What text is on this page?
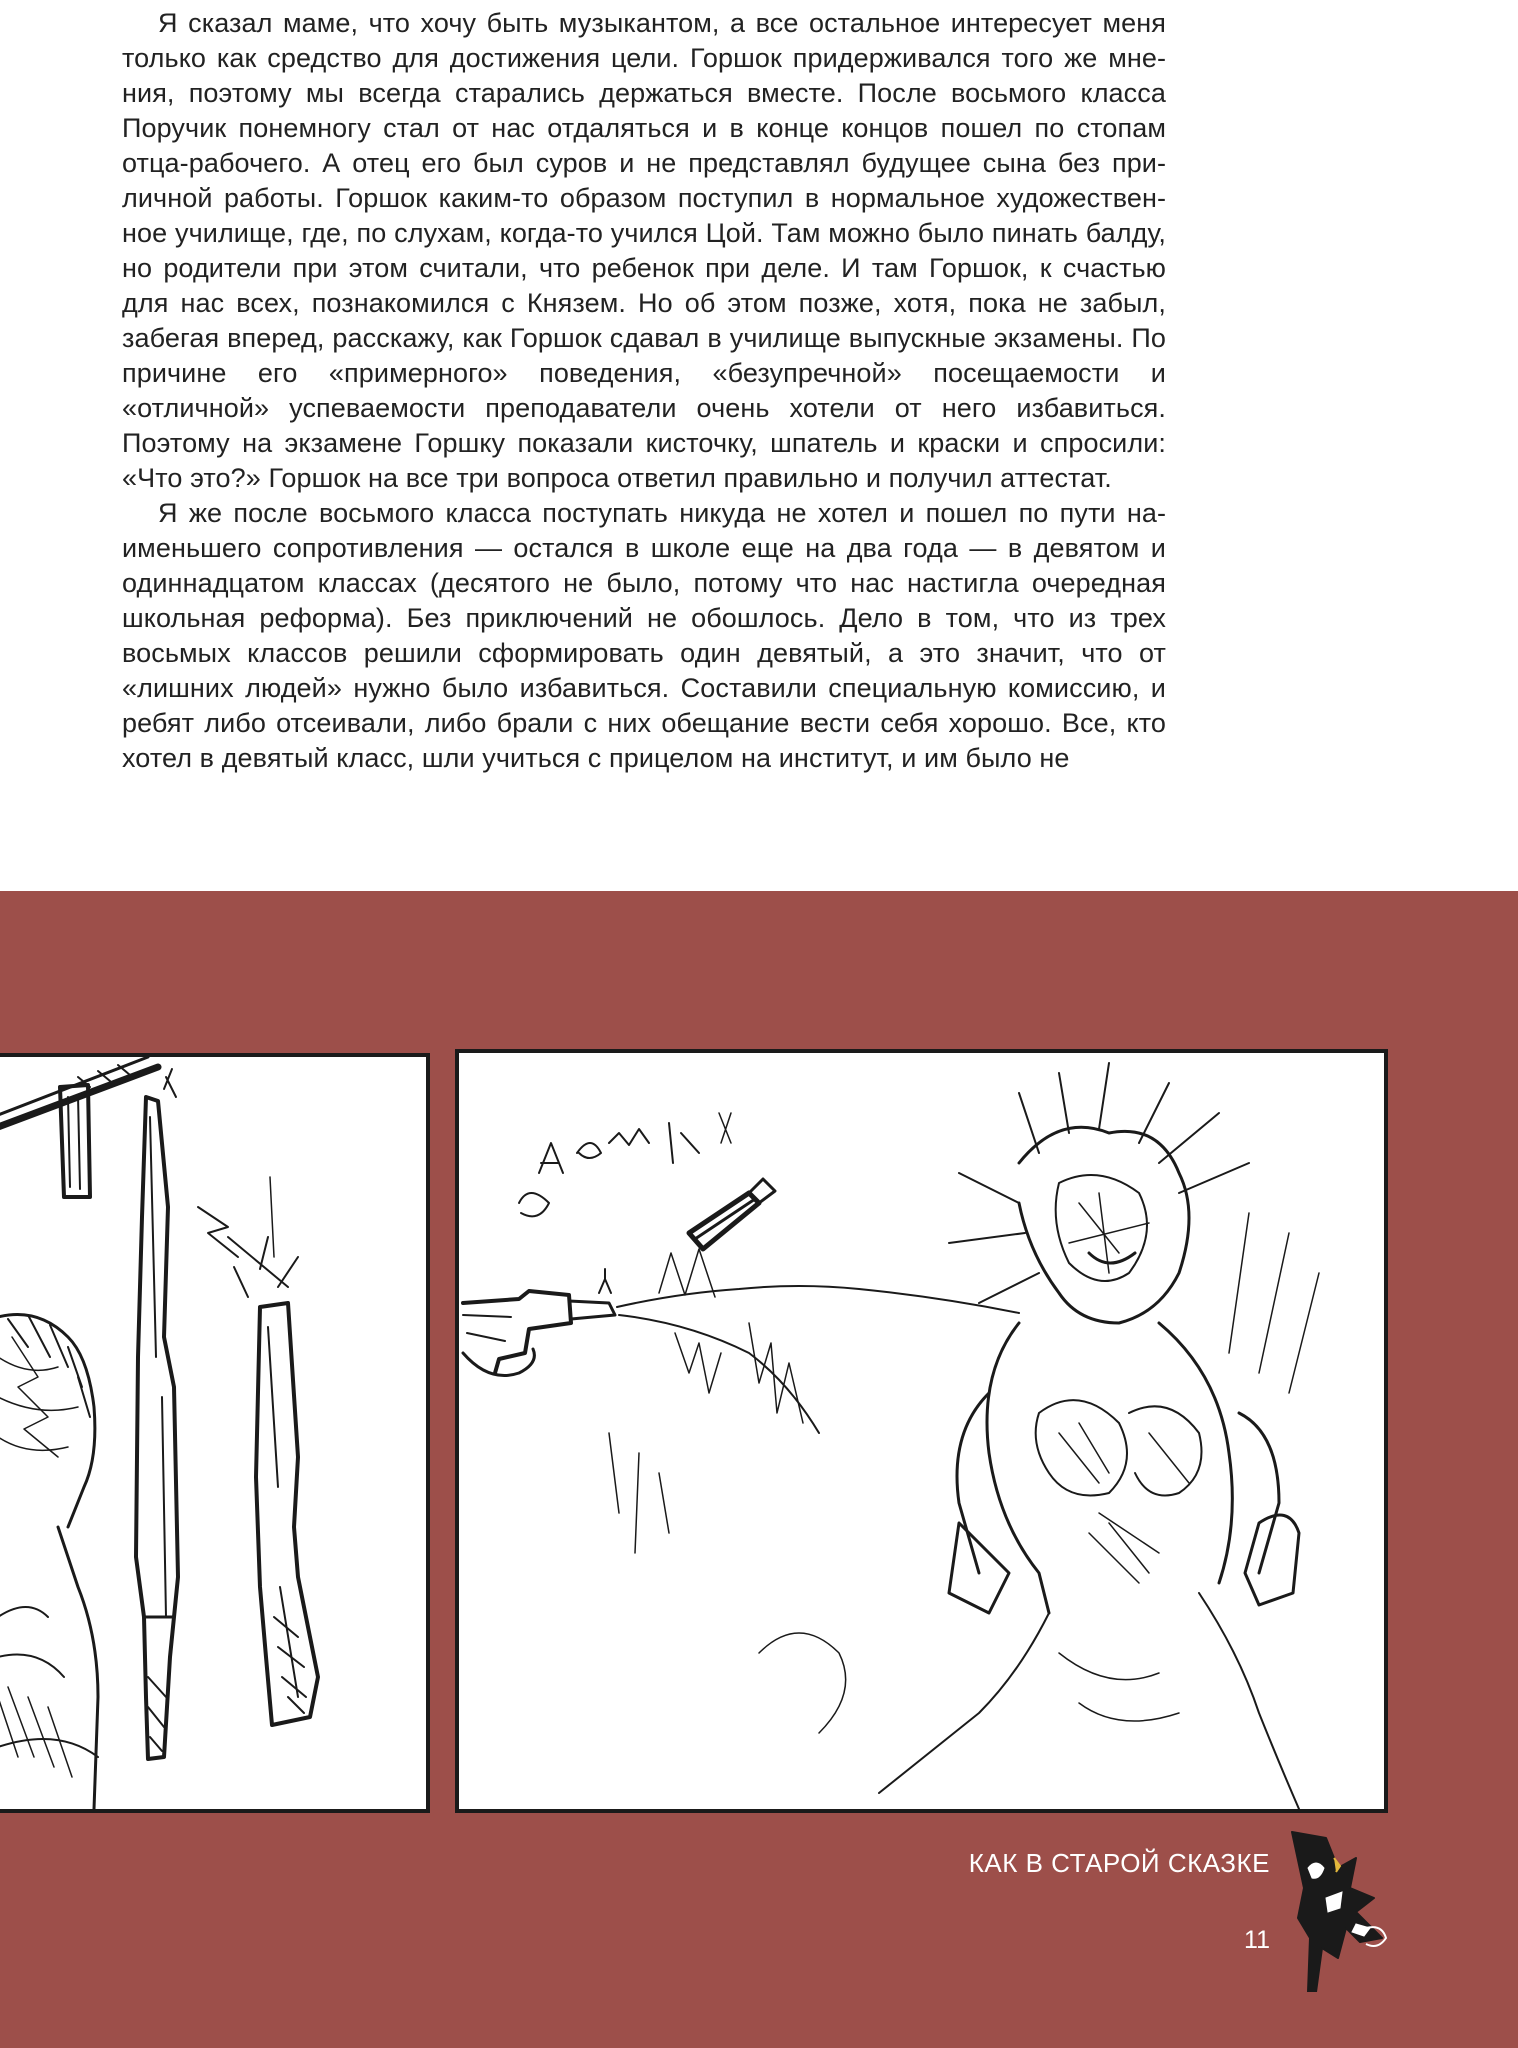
Я сказал маме, что хочу быть музыкантом, а все остальное интересует меня только как средство для достижения цели. Горшок придерживался того же мнения, поэтому мы всегда старались держаться вместе. После восьмого класса Поручик понемногу стал от нас отдаляться и в конце концов пошел по стопам отца-рабочего. А отец его был суров и не представлял будущее сына без приличной работы. Горшок каким-то образом поступил в нормальное художественное училище, где, по слухам, когда-то учился Цой. Там можно было пинать балду, но родители при этом считали, что ребенок при деле. И там Горшок, к счастью для нас всех, познакомился с Князем. Но об этом позже, хотя, пока не забыл, забегая вперед, расскажу, как Горшок сдавал в училище выпускные экзамены. По причине его «примерного» поведения, «безупречной» посещаемости и «отличной» успеваемости преподаватели очень хотели от него избавиться. Поэтому на экзамене Горшку показали кисточку, шпатель и краски и спросили: «Что это?» Горшок на все три вопроса ответил правильно и получил аттестат.

Я же после восьмого класса поступать никуда не хотел и пошел по пути наименьшего сопротивления — остался в школе еще на два года — в девятом и одиннадцатом классах (десятого не было, потому что нас настигла очередная школьная реформа). Без приключений не обошлось. Дело в том, что из трех восьмых классов решили сформировать один девятый, а это значит, что от «лишних людей» нужно было избавиться. Составили специальную комиссию, и ребят либо отсеивали, либо брали с них обещание вести себя хорошо. Все, кто хотел в девятый класс, шли учиться с прицелом на институт, и им было не

КАК В СТАРОЙ СКАЗКЕ
11
